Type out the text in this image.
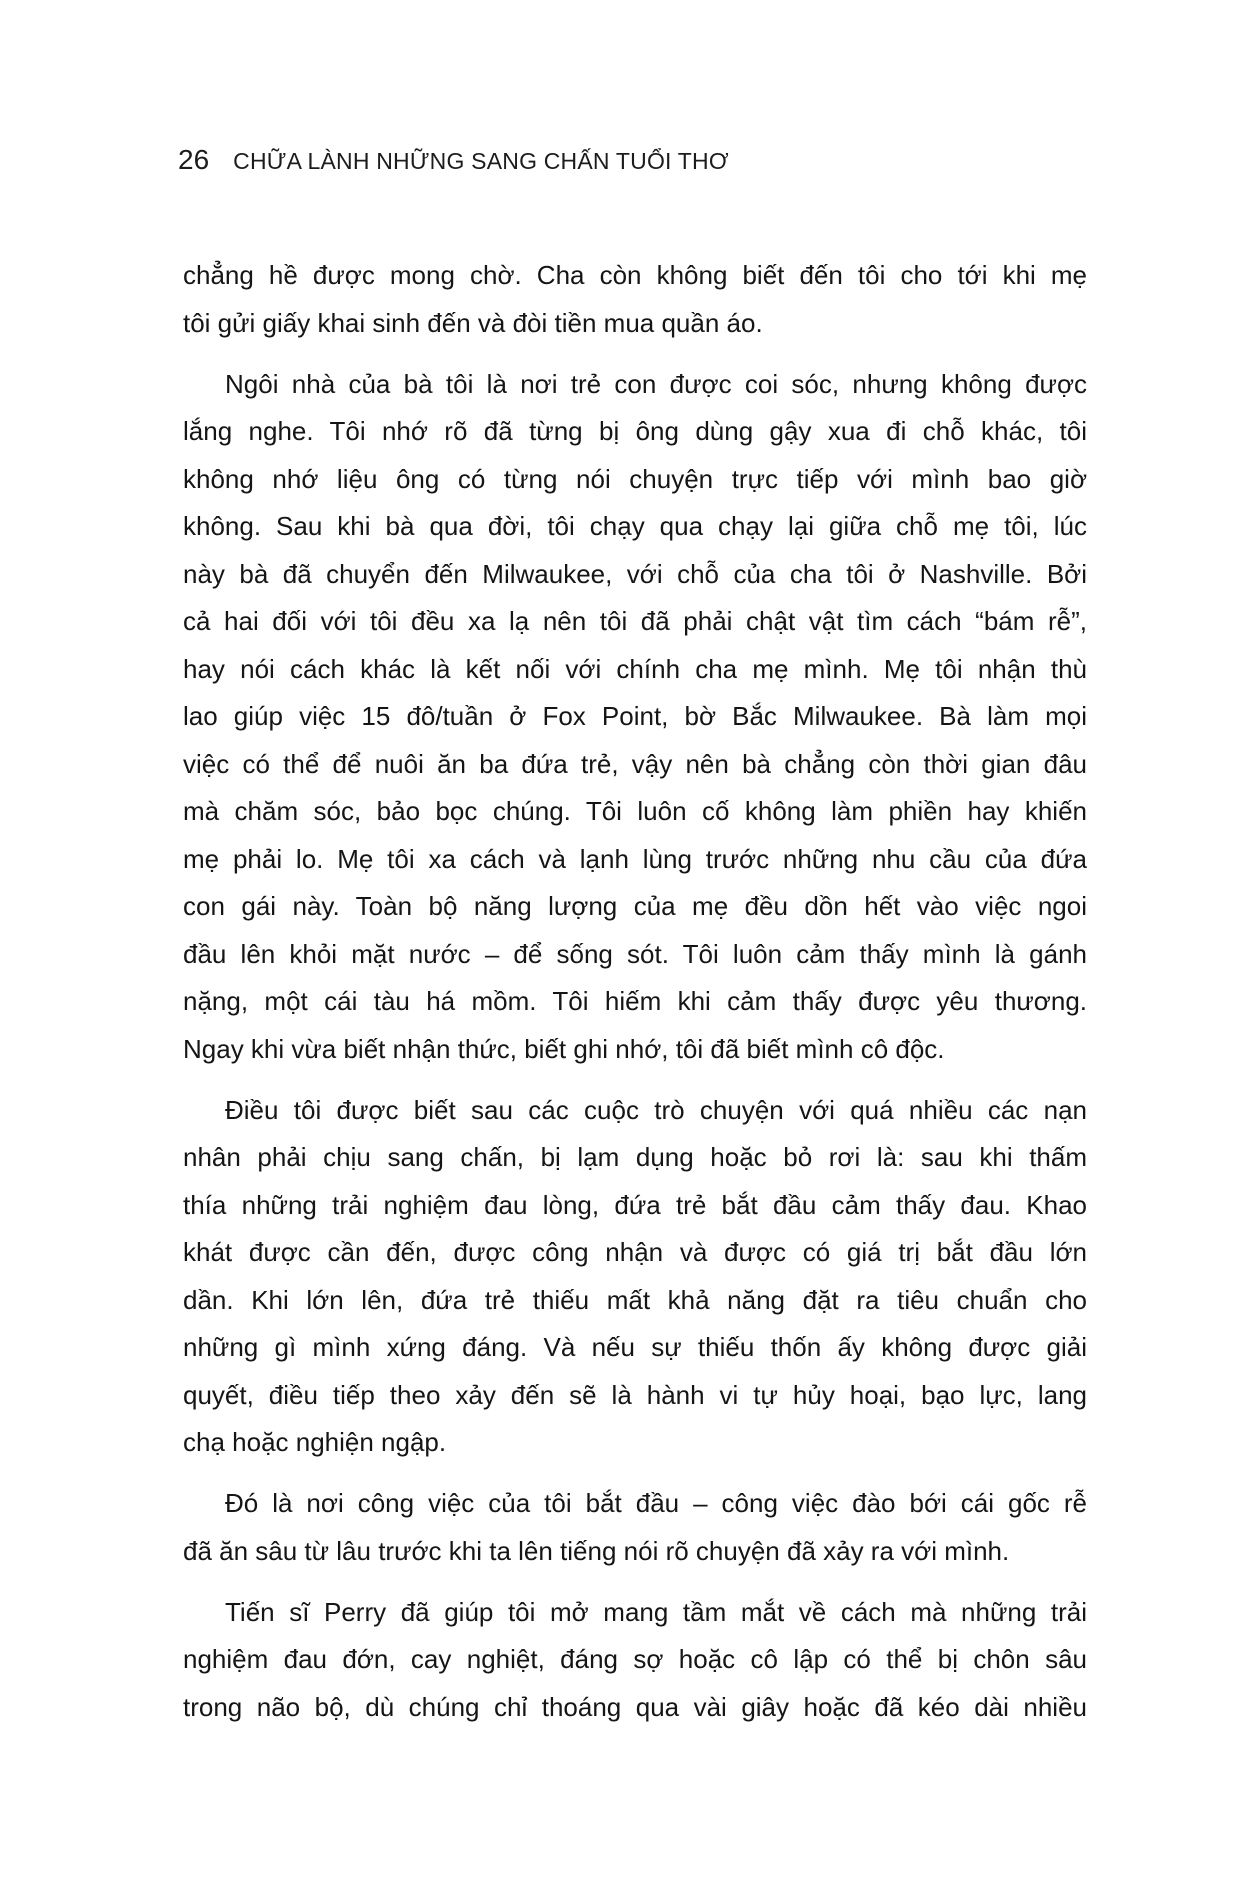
26 CHỮA LÀNH NHỮNG SANG CHẤN TUỔI THƠ
chẳng hề được mong chờ. Cha còn không biết đến tôi cho tới khi mẹ
tôi gửi giấy khai sinh đến và đòi tiền mua quần áo.
Ngôi nhà của bà tôi là nơi trẻ con được coi sóc, nhưng không được
lắng nghe. Tôi nhớ rõ đã từng bị ông dùng gậy xua đi chỗ khác, tôi
không nhớ liệu ông có từng nói chuyện trực tiếp với mình bao giờ
không. Sau khi bà qua đời, tôi chạy qua chạy lại giữa chỗ mẹ tôi, lúc
này bà đã chuyển đến Milwaukee, với chỗ của cha tôi ở Nashville. Bởi
cả hai đối với tôi đều xa lạ nên tôi đã phải chật vật tìm cách “bám rễ”,
hay nói cách khác là kết nối với chính cha mẹ mình. Mẹ tôi nhận thù
lao giúp việc 15 đô/tuần ở Fox Point, bờ Bắc Milwaukee. Bà làm mọi
việc có thể để nuôi ăn ba đứa trẻ, vậy nên bà chẳng còn thời gian đâu
mà chăm sóc, bảo bọc chúng. Tôi luôn cố không làm phiền hay khiến
mẹ phải lo. Mẹ tôi xa cách và lạnh lùng trước những nhu cầu của đứa
con gái này. Toàn bộ năng lượng của mẹ đều dồn hết vào việc ngoi
đầu lên khỏi mặt nước – để sống sót. Tôi luôn cảm thấy mình là gánh
nặng, một cái tàu há mồm. Tôi hiếm khi cảm thấy được yêu thương.
Ngay khi vừa biết nhận thức, biết ghi nhớ, tôi đã biết mình cô độc.
Điều tôi được biết sau các cuộc trò chuyện với quá nhiều các nạn
nhân phải chịu sang chấn, bị lạm dụng hoặc bỏ rơi là: sau khi thấm
thía những trải nghiệm đau lòng, đứa trẻ bắt đầu cảm thấy đau. Khao
khát được cần đến, được công nhận và được có giá trị bắt đầu lớn
dần. Khi lớn lên, đứa trẻ thiếu mất khả năng đặt ra tiêu chuẩn cho
những gì mình xứng đáng. Và nếu sự thiếu thốn ấy không được giải
quyết, điều tiếp theo xảy đến sẽ là hành vi tự hủy hoại, bạo lực, lang
chạ hoặc nghiện ngập.
Đó là nơi công việc của tôi bắt đầu – công việc đào bới cái gốc rễ
đã ăn sâu từ lâu trước khi ta lên tiếng nói rõ chuyện đã xảy ra với mình.
Tiến sĩ Perry đã giúp tôi mở mang tầm mắt về cách mà những trải
nghiệm đau đớn, cay nghiệt, đáng sợ hoặc cô lập có thể bị chôn sâu
trong não bộ, dù chúng chỉ thoáng qua vài giây hoặc đã kéo dài nhiều
